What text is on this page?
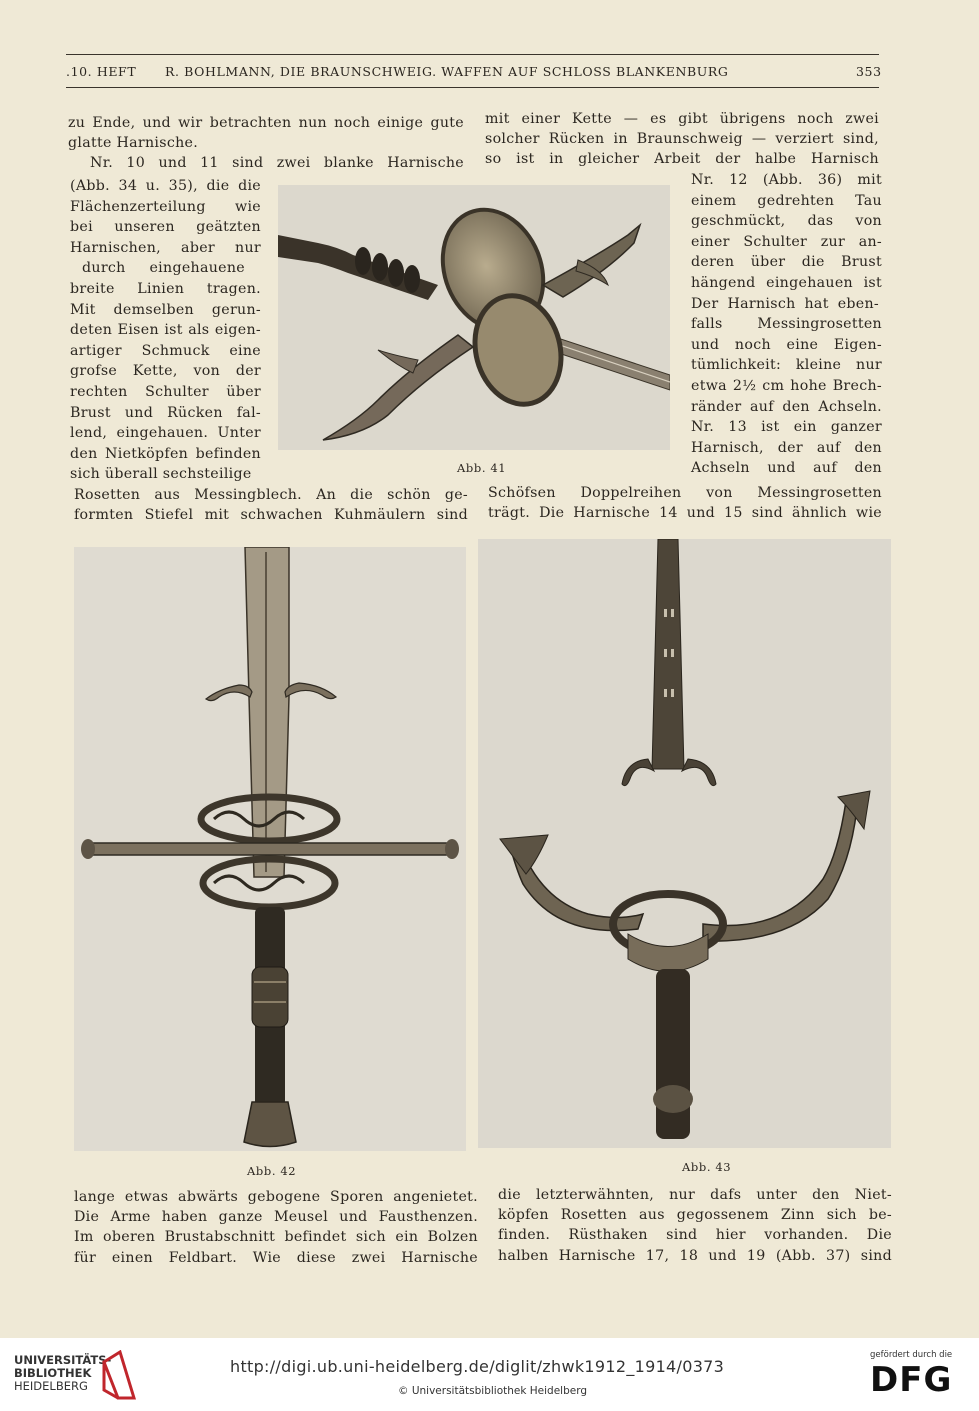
.10. HEFT R. BOHLMANN, DIE BRAUNSCHWEIG. WAFFEN AUF SCHLOSS BLANKENBURG	353
zu Ende, und wir betrachten nun noch einige gute
glatte Harnische.
Nr. 10 und 11 sind zwei blanke Harnische
mit einer Kette — es gibt übrigens noch zwei
solcher Rücken in Braunschweig — verziert sind,
so ist in gleicher Arbeit der halbe Harnisch
(Abb. 34 u. 35), die die
Flächenzerteilung wie
bei unseren geätzten
Harnischen, aber nur
durch eingehauene
breite Linien tragen.
Mit demselben gerun-
deten Eisen ist als eigen-
artiger Schmuck eine
grofse Kette, von der
rechten Schulter über
Brust und Rücken fal-
lend, eingehauen. Unter
den Nietköpfen befinden
sich überall sechsteilige
Nr. 12 (Abb. 36) mit
einem gedrehten Tau
geschmückt, das von
einer Schulter zur an-
deren über die Brust
hängend eingehauen ist
Der Harnisch hat eben-
falls Messingrosetten
und noch eine Eigen-
tümlichkeit: kleine nur
etwa 2½ cm hohe Brech-
ränder auf den Achseln.
Nr. 13 ist ein ganzer
Harnisch, der auf den
Achseln und auf den
Abb. 41
Rosetten aus Messingblech. An die schön ge-
formten Stiefel mit schwachen Kuhmäulern sind
Schöfsen Doppelreihen von Messingrosetten
trägt. Die Harnische 14 und 15 sind ähnlich wie
Abb. 42	Abb. 43
lange etwas abwärts gebogene Sporen angenietet.
Die Arme haben ganze Meusel und Fausthenzen.
Im oberen Brustabschnitt befindet sich ein Bolzen
für einen Feldbart. Wie diese zwei Harnische
die letzterwähnten, nur dafs unter den Niet-
köpfen Rosetten aus gegossenem Zinn sich be-
finden. Rüsthaken sind hier vorhanden. Die
halben Harnische 17, 18 und 19 (Abb. 37) sind
UNIVERSITÄTS-
BIBLIOTHEK
HEIDELBERG
http://digi.ub.uni-heidelberg.de/diglit/zhwk1912_1914/0373
© Universitätsbibliothek Heidelberg
gefördert durch die
DFG
